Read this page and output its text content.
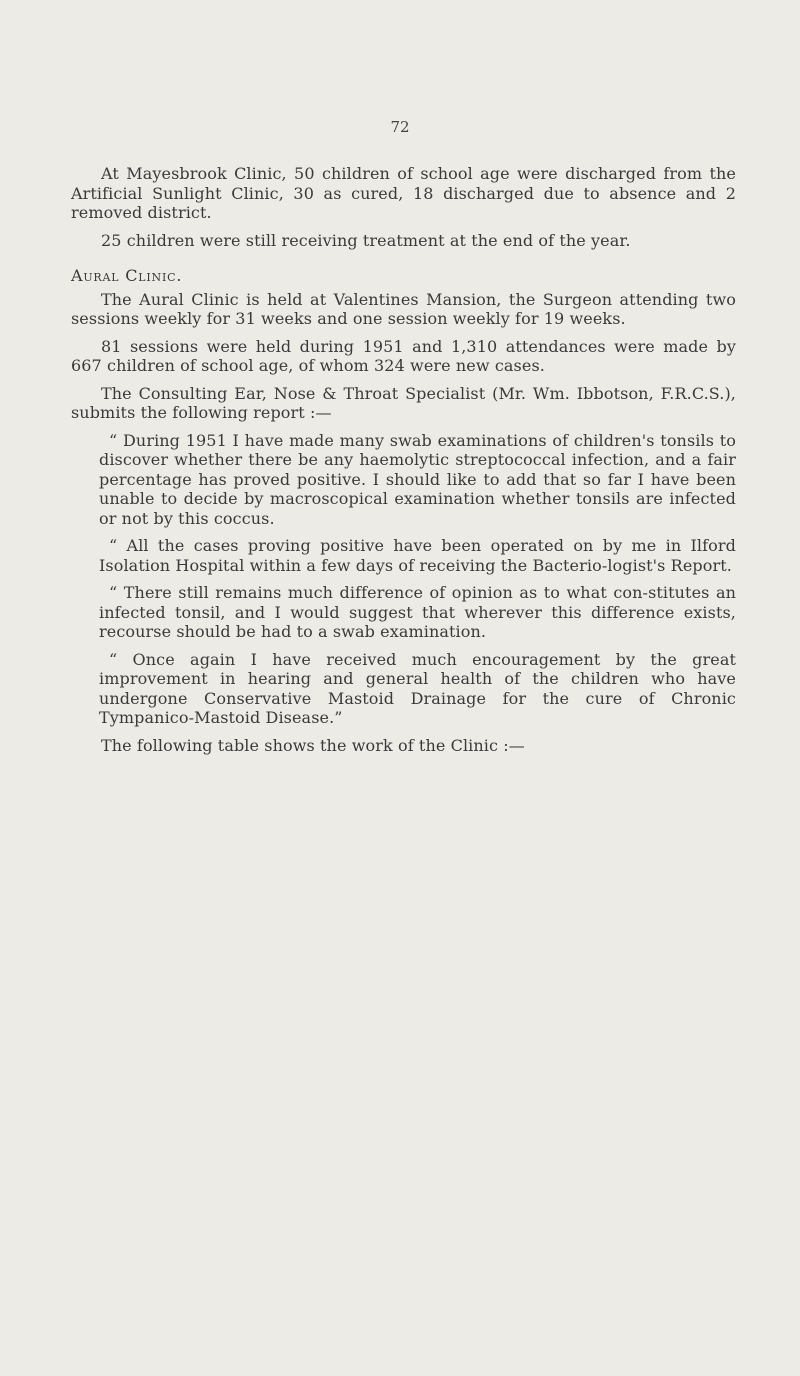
72

At Mayesbrook Clinic, 50 children of school age were discharged from the Artificial Sunlight Clinic, 30 as cured, 18 discharged due to absence and 2 removed district.

25 children were still receiving treatment at the end of the year.

Aural Clinic.

The Aural Clinic is held at Valentines Mansion, the Surgeon attending two sessions weekly for 31 weeks and one session weekly for 19 weeks.

81 sessions were held during 1951 and 1,310 attendances were made by 667 children of school age, of whom 324 were new cases.

The Consulting Ear, Nose & Throat Specialist (Mr. Wm. Ibbotson, F.R.C.S.), submits the following report :—

“ During 1951 I have made many swab examinations of children's tonsils to discover whether there be any haemolytic streptococcal infection, and a fair percentage has proved positive. I should like to add that so far I have been unable to decide by macroscopical examination whether tonsils are infected or not by this coccus.

“ All the cases proving positive have been operated on by me in Ilford Isolation Hospital within a few days of receiving the Bacterio-logist's Report.

“ There still remains much difference of opinion as to what con-stitutes an infected tonsil, and I would suggest that wherever this difference exists, recourse should be had to a swab examination.

“ Once again I have received much encouragement by the great improvement in hearing and general health of the children who have undergone Conservative Mastoid Drainage for the cure of Chronic Tympanico-Mastoid Disease.”

The following table shows the work of the Clinic :—
